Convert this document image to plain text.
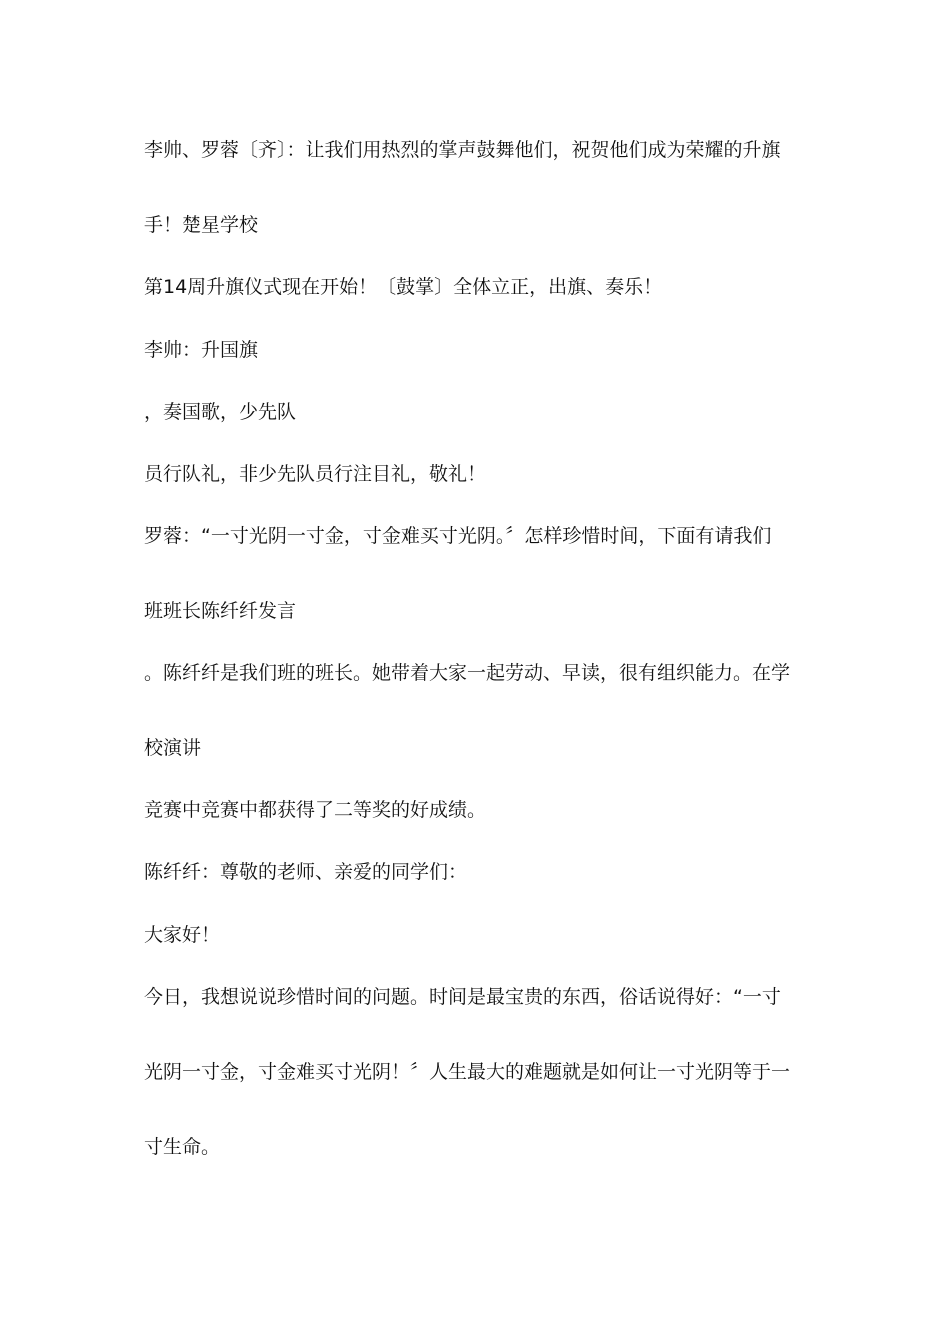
李帅、罗蓉〔齐〕：让我们用热烈的掌声鼓舞他们，祝贺他们成为荣耀的升旗
手！楚星学校
第14周升旗仪式现在开始！〔鼓掌〕全体立正，出旗、奏乐！
李帅：升国旗
，奏国歌，少先队
员行队礼，非少先队员行注目礼，敬礼！
罗蓉：“一寸光阴一寸金，寸金难买寸光阴。〞怎样珍惜时间，下面有请我们
班班长陈纤纤发言
。陈纤纤是我们班的班长。她带着大家一起劳动、早读，很有组织能力。在学
校演讲
竞赛中竞赛中都获得了二等奖的好成绩。
陈纤纤：尊敬的老师、亲爱的同学们：
大家好！
今日，我想说说珍惜时间的问题。时间是最宝贵的东西，俗话说得好：“一寸
光阴一寸金，寸金难买寸光阴！〞人生最大的难题就是如何让一寸光阴等于一
寸生命。
